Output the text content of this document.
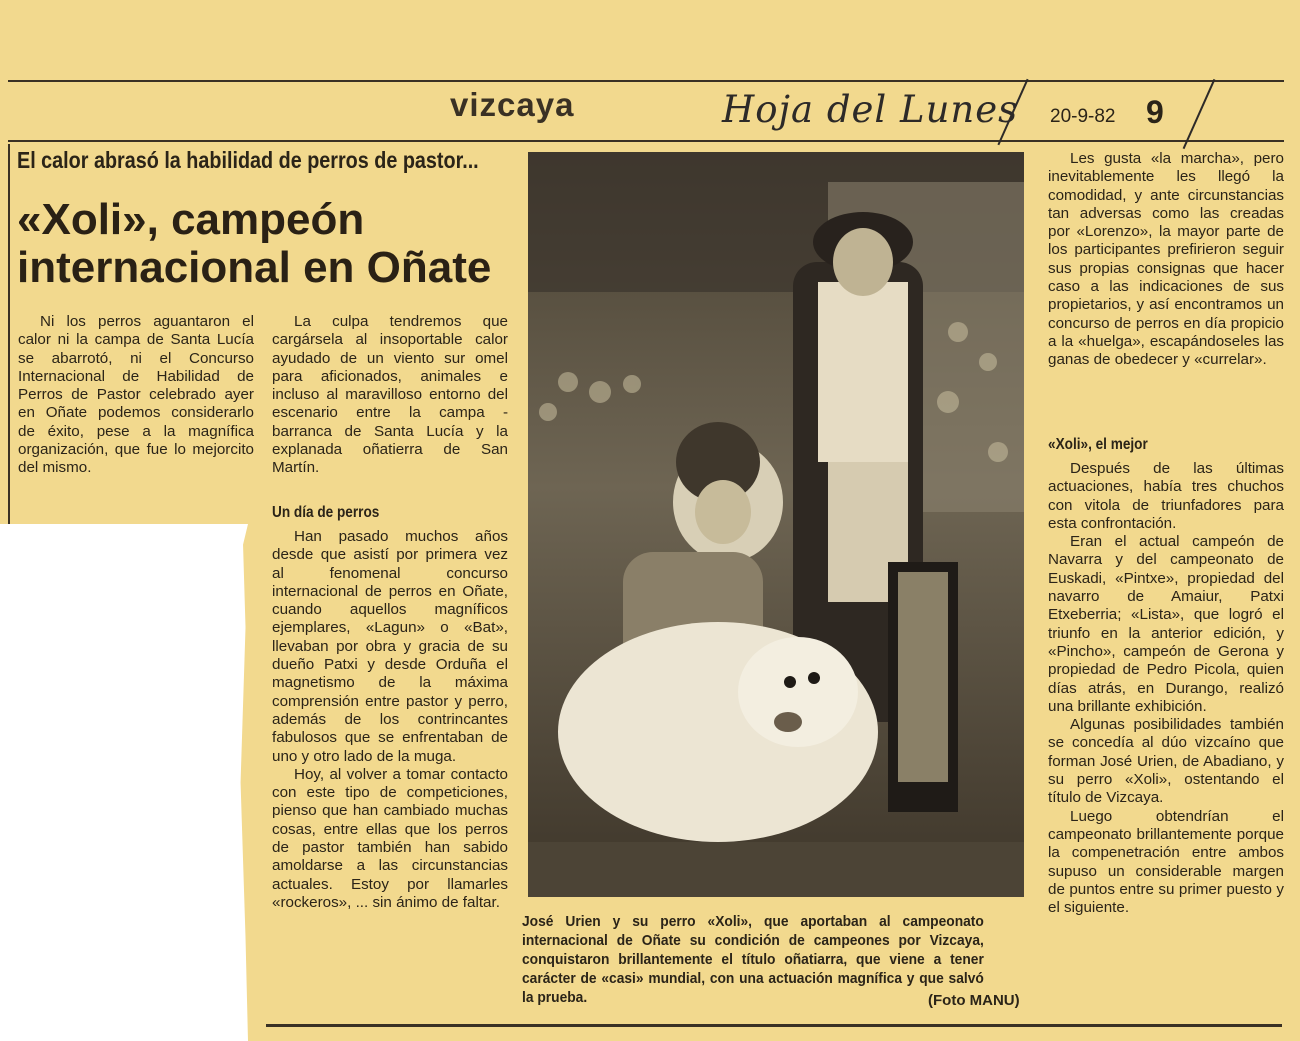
vizcaya	Hoja del Lunes 20-9-82 9
El calor abrasó la habilidad de perros de pastor...
«Xoli», campeón
internacional en Oñate

Ni los perros aguantaron el calor ni la campa de Santa Lucía se abarrotó, ni el Concurso Internacional de Habilidad de Perros de Pastor celebrado ayer en Oñate podemos considerarlo de éxito, pese a la magnífica organización, que fue lo mejorcito del mismo.

La culpa tendremos que cargársela al insoportable calor ayudado de un viento sur omel para aficionados, animales e incluso al maravilloso entorno del escenario entre la campa - barranca de Santa Lucía y la explanada oñatierra de San Martín.

Un día de perros

Han pasado muchos años desde que asistí por primera vez al fenomenal concurso internacional de perros en Oñate, cuando aquellos magníficos ejemplares, «Lagun» o «Bat», llevaban por obra y gracia de su dueño Patxi y desde Orduña el magnetismo de la máxima comprensión entre pastor y perro, además de los contrincantes fabulosos que se enfrentaban de uno y otro lado de la muga.

Hoy, al volver a tomar contacto con este tipo de competiciones, pienso que han cambiado muchas cosas, entre ellas que los perros de pastor también han sabido amoldarse a las circunstancias actuales. Estoy por llamarles «rockeros», ... sin ánimo de faltar.

José Urien y su perro «Xoli», que aportaban al campeonato internacional de Oñate su condición de campeones por Vizcaya, conquistaron brillantemente el título oñatiarra, que viene a tener carácter de «casi» mundial, con una actuación magnífica y que salvó la prueba.	(Foto MANU)

Les gusta «la marcha», pero inevitablemente les llegó la comodidad, y ante circunstancias tan adversas como las creadas por «Lorenzo», la mayor parte de los participantes prefirieron seguir sus propias consignas que hacer caso a las indicaciones de sus propietarios, y así encontramos un concurso de perros en día propicio a la «huelga», escapándoseles las ganas de obedecer y «currelar».

«Xoli», el mejor

Después de las últimas actuaciones, había tres chuchos con vitola de triunfadores para esta confrontación.

Eran el actual campeón de Navarra y del campeonato de Euskadi, «Pintxe», propiedad del navarro de Amaiur, Patxi Etxeberria; «Lista», que logró el triunfo en la anterior edición, y «Pincho», campeón de Gerona y propiedad de Pedro Picola, quien días atrás, en Durango, realizó una brillante exhibición.

Algunas posibilidades también se concedía al dúo vizcaíno que forman José Urien, de Abadiano, y su perro «Xoli», ostentando el título de Vizcaya.

Luego obtendrían el campeonato brillantemente porque la compenetración entre ambos supuso un considerable margen de puntos entre su primer puesto y el siguiente.
